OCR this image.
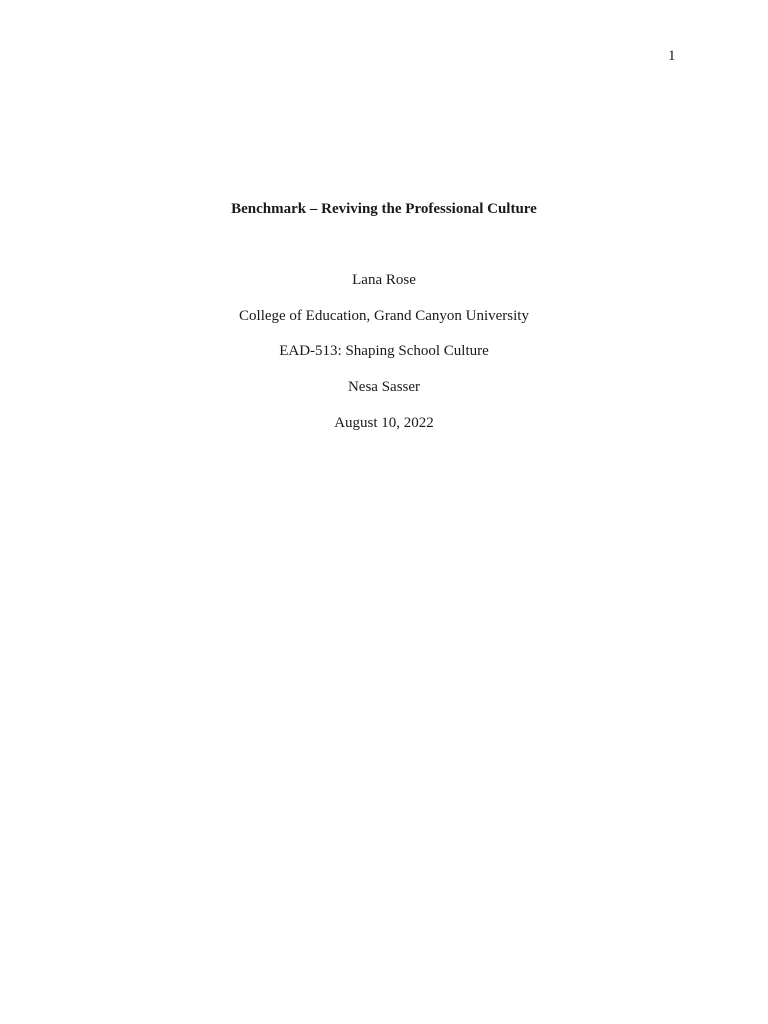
1
Benchmark – Reviving the Professional Culture
Lana Rose
College of Education, Grand Canyon University
EAD-513: Shaping School Culture
Nesa Sasser
August 10, 2022
